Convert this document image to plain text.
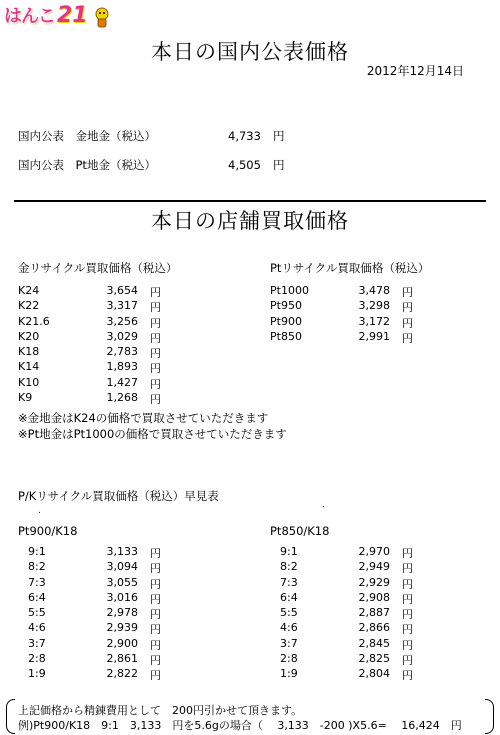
はんこ 21
本日の国内公表価格
2012年12月14日
国内公表　金地金（税込）	4,733 円
国内公表　Pt地金（税込）	4,505 円
本日の店舗買取価格
金リサイクル買取価格（税込）	Ptリサイクル買取価格（税込）
K24	3,654 円
K22	3,317 円
K21.6	3,256 円
K20	3,029 円
K18	2,783 円
K14	1,893 円
K10	1,427 円
K9	1,268 円
Pt1000	3,478 円
Pt950	3,298 円
Pt900	3,172 円
Pt850	2,991 円
※金地金はK24の価格で買取させていただきます
※Pt地金はPt1000の価格で買取させていただきます
P/Kリサイクル買取価格（税込）早見表
.
.
Pt900/K18	Pt850/K18
9:1	3,133 円
8:2	3,094 円
7:3	3,055 円
6:4	3,016 円
5:5	2,978 円
4:6	2,939 円
3:7	2,900 円
2:8	2,861 円
1:9	2,822 円
9:1	2,970 円
8:2	2,949 円
7:3	2,929 円
6:4	2,908 円
5:5	2,887 円
4:6	2,866 円
3:7	2,845 円
2:8	2,825 円
1:9	2,804 円
上記価格から精錬費用として　200円引かせて頂きます。
例)Pt900/K18　9:1　3,133　円を5.6gの場合（　 3,133　-200 )X5.6=　 16,424　円
